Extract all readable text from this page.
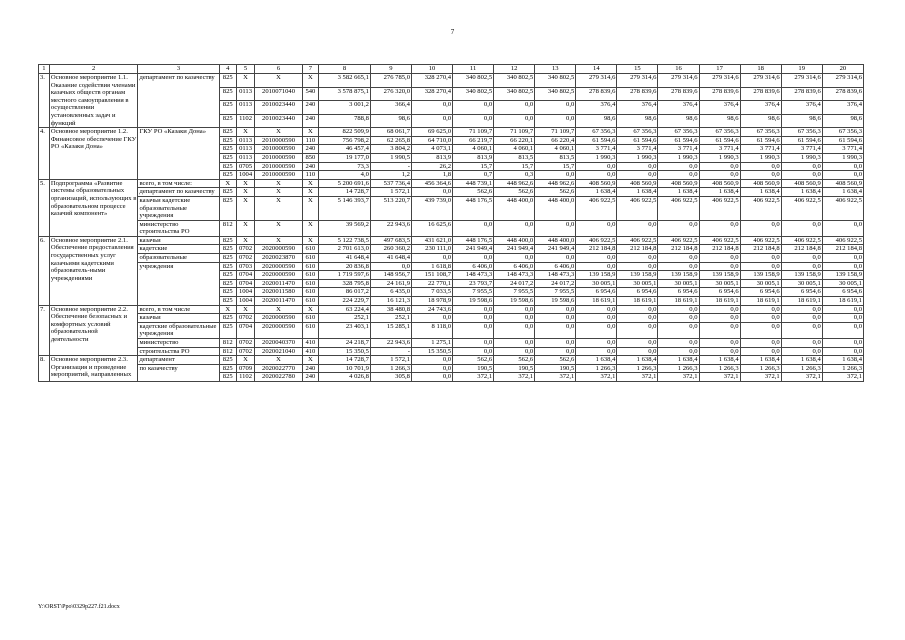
7
1	2	3	4	5	6	7	8	9	10	11	12	13	14	15	16	17	18	19	20
3.	Основное мероприятие 1.1. Оказание содействия членами казачьих обществ органам местного самоуправления в осуществлении установленных задач и функций	департамент по казачеству	825	X	X	X	3 582 665,1	276 785,0	328 270,4	340 802,5	340 802,5	340 802,5	279 314,6	279 314,6	279 314,6	279 314,6	279 314,6	279 314,6	279 314,6
			825	0113	2010071040	540	3 578 875,1	276 320,0	328 270,4	340 802,5	340 802,5	340 802,5	278 839,6	278 839,6	278 839,6	278 839,6	278 839,6	278 839,6	278 839,6
			825	0113	2010023440	240	3 001,2	366,4	0,0	0,0	0,0	0,0	376,4	376,4	376,4	376,4	376,4	376,4	376,4
			825	1102	2010023440	240	788,8	98,6	0,0	0,0	0,0	0,0	98,6	98,6	98,6	98,6	98,6	98,6	98,6
4.	Основное мероприятие 1.2. Финансовое обеспечение ГКУ РО «Казаки Дона»	ГКУ РО «Казаки Дона»	825	X	X	X	822 509,9	68 061,7	69 625,0	71 109,7	71 109,7	71 109,7	67 356,3	67 356,3	67 356,3	67 356,3	67 356,3	67 356,3	67 356,3
			825	0113	2010000590	110	756 798,2	62 265,8	64 710,0	66 219,7	66 220,1	66 220,4	61 594,6	61 594,6	61 594,6	61 594,6	61 594,6	61 594,6	61 594,6
			825	0113	2010000590	240	46 457,4	3 804,2	4 073,1	4 060,1	4 060,1	4 060,1	3 771,4	3 771,4	3 771,4	3 771,4	3 771,4	3 771,4	3 771,4
			825	0113	2010000590	850	19 177,0	1 990,5	813,9	813,9	813,5	813,5	1 990,3	1 990,3	1 990,3	1 990,3	1 990,3	1 990,3	1 990,3
			825	0705	2010000590	240	73,3	-	26,2	15,7	15,7	15,7	0,0	0,0	0,0	0,0	0,0	0,0	0,0
			825	1004	2010000590	110	4,0	1,2	1,8	0,7	0,3	0,0	0,0	0,0	0,0	0,0	0,0	0,0	0,0
5.	Подпрограмма «Развитие системы образовательных организаций, использующих в образовательном процессе казачий компонент»	всего, в том числе:	X	X	X	X	5 200 691,6	537 736,4	456 364,6	448 739,1	448 962,6	448 962,6	408 560,9	408 560,9	408 560,9	408 560,9	408 560,9	408 560,9	408 560,9
		департамент по казачеству	825	X	X	X	14 728,7	1 572,1	0,0	562,6	562,6	562,6	1 638,4	1 638,4	1 638,4	1 638,4	1 638,4	1 638,4	1 638,4
		казачьи кадетские образовательные учреждения	825	X	X	X	5 146 393,7	513 220,7	439 739,0	448 176,5	448 400,0	448 400,0	406 922,5	406 922,5	406 922,5	406 922,5	406 922,5	406 922,5	406 922,5
		министерство строительства РО	812	X	X	X	39 569,2	22 943,6	16 625,6	0,0	0,0	0,0	0,0	0,0	0,0	0,0	0,0	0,0	0,0
6.	Основное мероприятие 2.1. Обеспечение предоставления государственных услуг казачьими кадетскими образователь-ными учреждениями	казачьи	825	X	X	X	5 122 738,5	497 683,5	431 621,0	448 176,5	448 400,0	448 400,0	406 922,5	406 922,5	406 922,5	406 922,5	406 922,5	406 922,5	406 922,5
		кадетские	825	0702	2020000590	610	2 701 613,0	260 360,2	230 111,0	241 949,4	241 949,4	241 949,4	212 184,8	212 184,8	212 184,8	212 184,8	212 184,8	212 184,8	212 184,8
		образовательные	825	0702	2020023870	610	41 648,4	41 648,4	0,0	0,0	0,0	0,0	0,0	0,0	0,0	0,0	0,0	0,0	0,0
		учреждения	825	0703	2020000590	610	20 836,8	0,0	1 618,8	6 406,0	6 406,0	6 406,0	0,0	0,0	0,0	0,0	0,0	0,0	0,0
			825	0704	2020000590	610	1 719 597,6	148 956,7	151 108,7	148 473,3	148 473,3	148 473,3	139 158,9	139 158,9	139 158,9	139 158,9	139 158,9	139 158,9	139 158,9
			825	0704	2020011470	610	328 795,8	24 161,9	22 770,1	23 793,7	24 017,2	24 017,2	30 005,1	30 005,1	30 005,1	30 005,1	30 005,1	30 005,1	30 005,1
			825	1004	2020011580	610	86 017,2	6 435,0	7 033,5	7 955,5	7 955,5	7 955,5	6 954,6	6 954,6	6 954,6	6 954,6	6 954,6	6 954,6	6 954,6
			825	1004	2020011470	610	224 229,7	16 121,3	18 978,9	19 598,6	19 598,6	19 598,6	18 619,1	18 619,1	18 619,1	18 619,1	18 619,1	18 619,1	18 619,1
7.	Основное мероприятие 2.2. Обеспечение безопасных и комфортных условий образовательной деятельности	всего, в том числе	X	X	X	X	63 224,4	38 480,8	24 743,6	0,0	0,0	0,0	0,0	0,0	0,0	0,0	0,0	0,0	0,0
		казачьи	825	0702	2020000590	610	252,1	252,1	0,0	0,0	0,0	0,0	0,0	0,0	0,0	0,0	0,0	0,0	0,0
		кадетские образовательные учреждения	825	0704	2020000590	610	23 403,1	15 285,1	8 118,0	0,0	0,0	0,0	0,0	0,0	0,0	0,0	0,0	0,0	0,0
		министерство	812	0702	2020040370	410	24 218,7	22 943,6	1 275,1	0,0	0,0	0,0	0,0	0,0	0,0	0,0	0,0	0,0	0,0
		строительства РО	812	0702	2020021040	410	15 350,5	-	15 350,5	0,0	0,0	0,0	0,0	0,0	0,0	0,0	0,0	0,0	0,0
8.	Основное мероприятие 2.3. Организация и проведение мероприятий, направленных	департамент	825	X	X	X	14 728,7	1 572,1	0,0	562,6	562,6	562,6	1 638,4	1 638,4	1 638,4	1 638,4	1 638,4	1 638,4	1 638,4
		по казачеству	825	0709	2020022770	240	10 701,9	1 266,3	0,0	190,5	190,5	190,5	1 266,3	1 266,3	1 266,3	1 266,3	1 266,3	1 266,3	1 266,3
			825	1102	2020022780	240	4 026,8	305,8	0,0	372,1	372,1	372,1	372,1	372,1	372,1	372,1	372,1	372,1	372,1
Y:\ORST\Ppo\0329p227.f21.docx
